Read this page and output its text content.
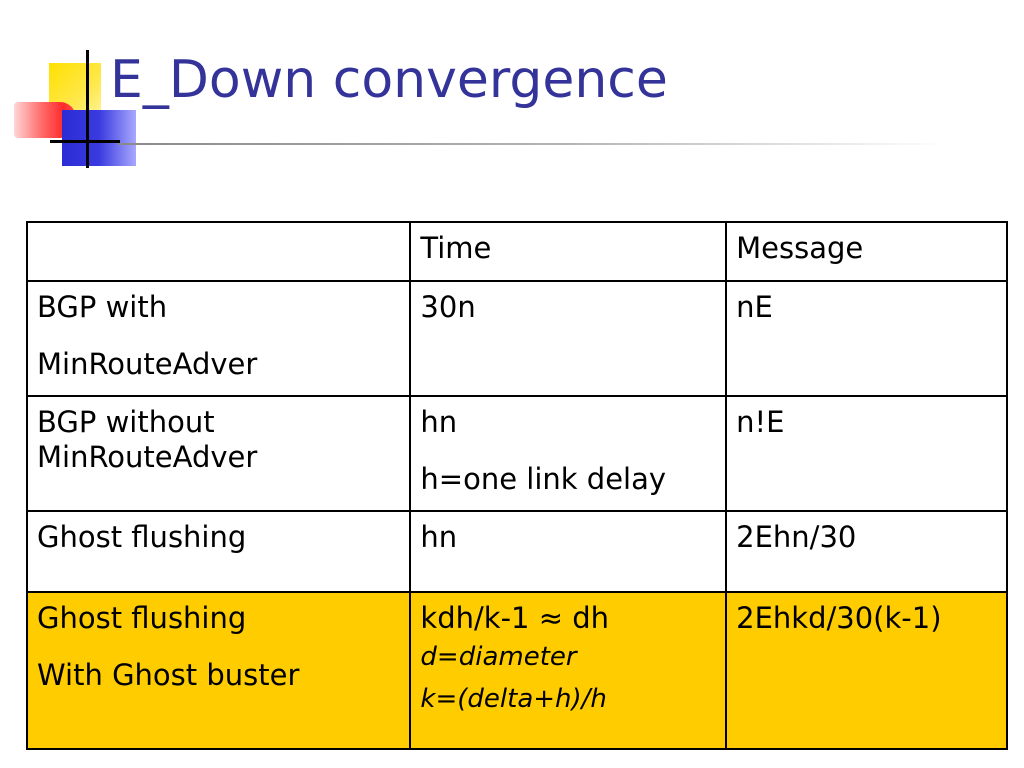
E_Down convergence
	Time	Message

BGP with
MinRouteAdver	30n	nE

BGP without
MinRouteAdver	hn
h=one link delay	n!E

Ghost flushing	hn	2Ehn/30

Ghost flushing
With Ghost buster	kdh/k-1 ≈ dh
d=diameter
k=(delta+h)/h	2Ehkd/30(k-1)
